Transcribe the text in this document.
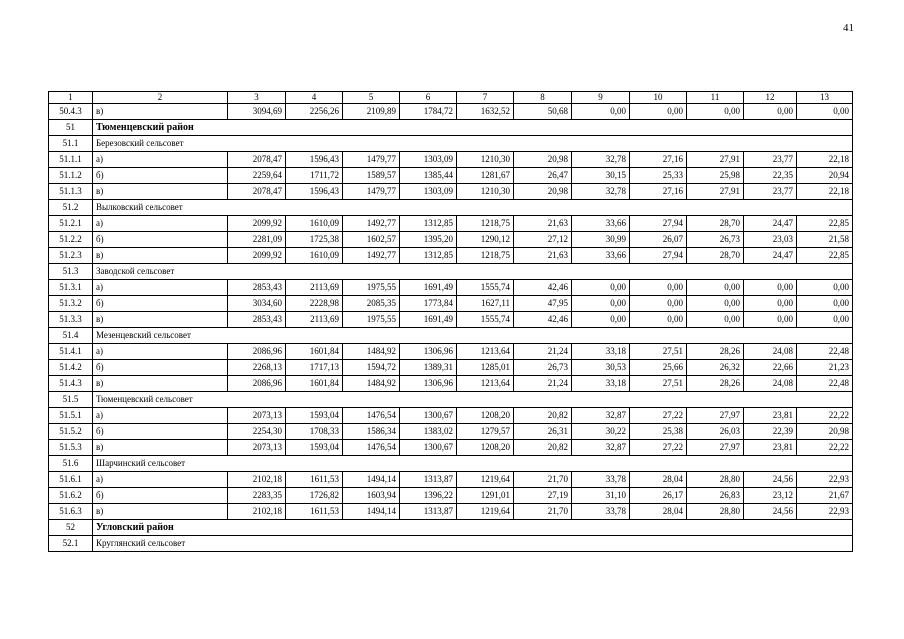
41
1	2	3	4	5	6	7	8	9	10	11	12	13
50.4.3	в)	3094,69	2256,26	2109,89	1784,72	1632,52	50,68	0,00	0,00	0,00	0,00	0,00
51	Тюменцевский район											
51.1	Березовский сельсовет											
51.1.1	а)	2078,47	1596,43	1479,77	1303,09	1210,30	20,98	32,78	27,16	27,91	23,77	22,18
51.1.2	б)	2259,64	1711,72	1589,57	1385,44	1281,67	26,47	30,15	25,33	25,98	22,35	20,94
51.1.3	в)	2078,47	1596,43	1479,77	1303,09	1210,30	20,98	32,78	27,16	27,91	23,77	22,18
51.2	Вылковский сельсовет											
51.2.1	а)	2099,92	1610,09	1492,77	1312,85	1218,75	21,63	33,66	27,94	28,70	24,47	22,85
51.2.2	б)	2281,09	1725,38	1602,57	1395,20	1290,12	27,12	30,99	26,07	26,73	23,03	21,58
51.2.3	в)	2099,92	1610,09	1492,77	1312,85	1218,75	21,63	33,66	27,94	28,70	24,47	22,85
51.3	Заводской сельсовет											
51.3.1	а)	2853,43	2113,69	1975,55	1691,49	1555,74	42,46	0,00	0,00	0,00	0,00	0,00
51.3.2	б)	3034,60	2228,98	2085,35	1773,84	1627,11	47,95	0,00	0,00	0,00	0,00	0,00
51.3.3	в)	2853,43	2113,69	1975,55	1691,49	1555,74	42,46	0,00	0,00	0,00	0,00	0,00
51.4	Мезенцевский сельсовет											
51.4.1	а)	2086,96	1601,84	1484,92	1306,96	1213,64	21,24	33,18	27,51	28,26	24,08	22,48
51.4.2	б)	2268,13	1717,13	1594,72	1389,31	1285,01	26,73	30,53	25,66	26,32	22,66	21,23
51.4.3	в)	2086,96	1601,84	1484,92	1306,96	1213,64	21,24	33,18	27,51	28,26	24,08	22,48
51.5	Тюменцевский сельсовет											
51.5.1	а)	2073,13	1593,04	1476,54	1300,67	1208,20	20,82	32,87	27,22	27,97	23,81	22,22
51.5.2	б)	2254,30	1708,33	1586,34	1383,02	1279,57	26,31	30,22	25,38	26,03	22,39	20,98
51.5.3	в)	2073,13	1593,04	1476,54	1300,67	1208,20	20,82	32,87	27,22	27,97	23,81	22,22
51.6	Шарчинский сельсовет											
51.6.1	а)	2102,18	1611,53	1494,14	1313,87	1219,64	21,70	33,78	28,04	28,80	24,56	22,93
51.6.2	б)	2283,35	1726,82	1603,94	1396,22	1291,01	27,19	31,10	26,17	26,83	23,12	21,67
51.6.3	в)	2102,18	1611,53	1494,14	1313,87	1219,64	21,70	33,78	28,04	28,80	24,56	22,93
52	Угловский район											
52.1	Круглянский сельсовет											
